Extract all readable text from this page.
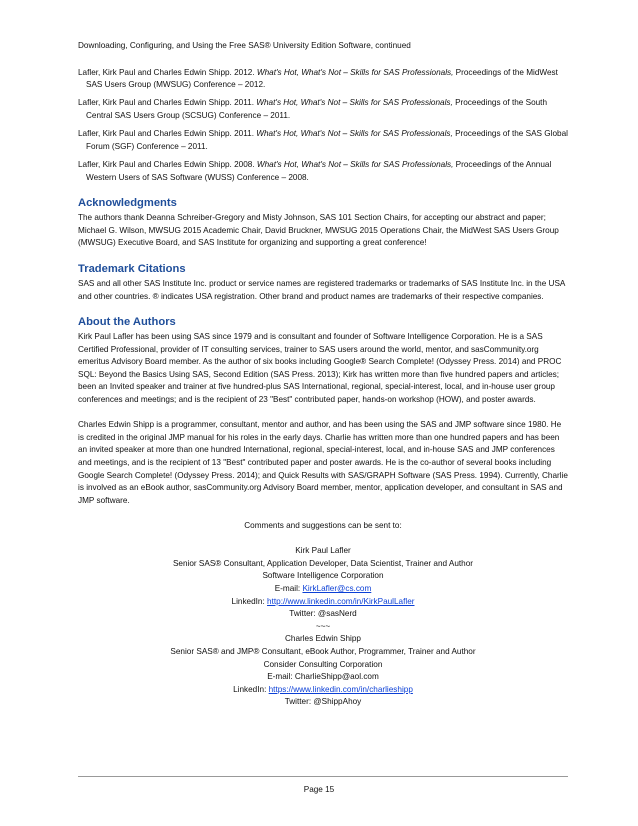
Downloading, Configuring, and Using the Free SAS® University Edition Software, continued

Lafler, Kirk Paul and Charles Edwin Shipp. 2012. What's Hot, What's Not – Skills for SAS Professionals, Proceedings of the MidWest SAS Users Group (MWSUG) Conference – 2012.

Lafler, Kirk Paul and Charles Edwin Shipp. 2011. What's Hot, What's Not – Skills for SAS Professionals, Proceedings of the South Central SAS Users Group (SCSUG) Conference – 2011.

Lafler, Kirk Paul and Charles Edwin Shipp. 2011. What's Hot, What's Not – Skills for SAS Professionals, Proceedings of the SAS Global Forum (SGF) Conference – 2011.

Lafler, Kirk Paul and Charles Edwin Shipp. 2008. What's Hot, What's Not – Skills for SAS Professionals, Proceedings of the Annual Western Users of SAS Software (WUSS) Conference – 2008.

Acknowledgments

The authors thank Deanna Schreiber-Gregory and Misty Johnson, SAS 101 Section Chairs, for accepting our abstract and paper; Michael G. Wilson, MWSUG 2015 Academic Chair, David Bruckner, MWSUG 2015 Operations Chair, the MidWest SAS Users Group (MWSUG) Executive Board, and SAS Institute for organizing and supporting a great conference!

Trademark Citations

SAS and all other SAS Institute Inc. product or service names are registered trademarks or trademarks of SAS Institute Inc. in the USA and other countries. ® indicates USA registration. Other brand and product names are trademarks of their respective companies.

About the Authors

Kirk Paul Lafler has been using SAS since 1979 and is consultant and founder of Software Intelligence Corporation. He is a SAS Certified Professional, provider of IT consulting services, trainer to SAS users around the world, mentor, and sasCommunity.org emeritus Advisory Board member. As the author of six books including Google® Search Complete! (Odyssey Press. 2014) and PROC SQL: Beyond the Basics Using SAS, Second Edition (SAS Press. 2013); Kirk has written more than five hundred papers and articles; been an Invited speaker and trainer at five hundred-plus SAS International, regional, special-interest, local, and in-house user group conferences and meetings; and is the recipient of 23 "Best" contributed paper, hands-on workshop (HOW), and poster awards.

Charles Edwin Shipp is a programmer, consultant, mentor and author, and has been using the SAS and JMP software since 1980. He is credited in the original JMP manual for his roles in the early days. Charlie has written more than one hundred papers and has been an invited speaker at more than one hundred International, regional, special-interest, local, and in-house SAS and JMP conferences and meetings, and is the recipient of 13 "Best" contributed paper and poster awards. He is the co-author of several books including Google Search Complete! (Odyssey Press. 2014); and Quick Results with SAS/GRAPH Software (SAS Press. 1994). Currently, Charlie is involved as an eBook author, sasCommunity.org Advisory Board member, mentor, application developer, and consultant in SAS and JMP software.

Comments and suggestions can be sent to:
Kirk Paul Lafler
Senior SAS® Consultant, Application Developer, Data Scientist, Trainer and Author
Software Intelligence Corporation
E-mail: KirkLafler@cs.com
LinkedIn: http://www.linkedin.com/in/KirkPaulLafler
Twitter: @sasNerd
~~~
Charles Edwin Shipp
Senior SAS® and JMP® Consultant, eBook Author, Programmer, Trainer and Author
Consider Consulting Corporation
E-mail: CharlieShipp@aol.com
LinkedIn: https://www.linkedin.com/in/charlieshipp
Twitter: @ShippAhoy
Page 15
